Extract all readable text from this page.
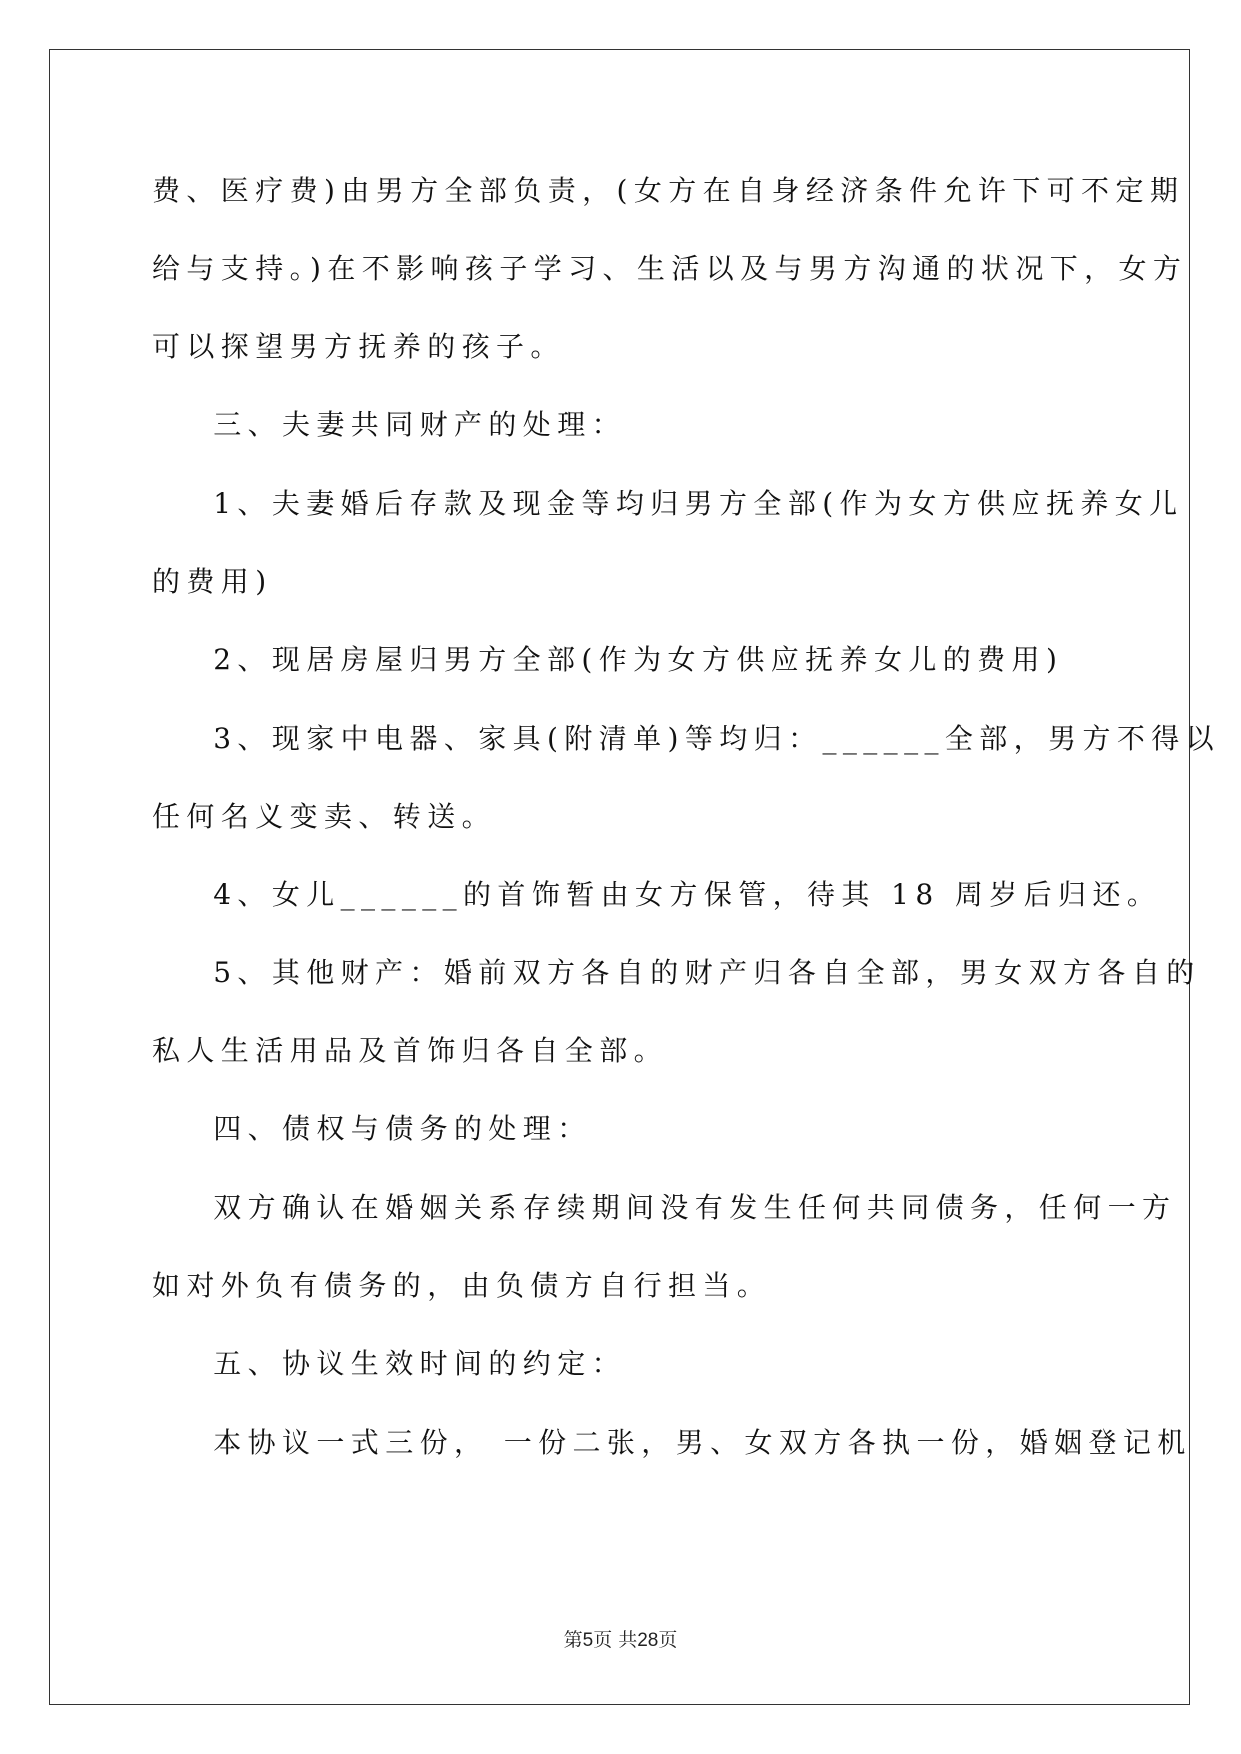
费、医疗费)由男方全部负责，(女方在自身经济条件允许下可不定期
给与支持。)在不影响孩子学习、生活以及与男方沟通的状况下，女方
可以探望男方抚养的孩子。
三、夫妻共同财产的处理：
1、夫妻婚后存款及现金等均归男方全部(作为女方供应抚养女儿
的费用)
2、现居房屋归男方全部(作为女方供应抚养女儿的费用)
3、现家中电器、家具(附清单)等均归：______全部，男方不得以
任何名义变卖、转送。
4、女儿______的首饰暂由女方保管，待其 18 周岁后归还。
5、其他财产：婚前双方各自的财产归各自全部，男女双方各自的
私人生活用品及首饰归各自全部。
四、债权与债务的处理：
双方确认在婚姻关系存续期间没有发生任何共同债务，任何一方
如对外负有债务的，由负债方自行担当。
五、协议生效时间的约定：
本协议一式三份， 一份二张，男、女双方各执一份，婚姻登记机
第5页 共28页
